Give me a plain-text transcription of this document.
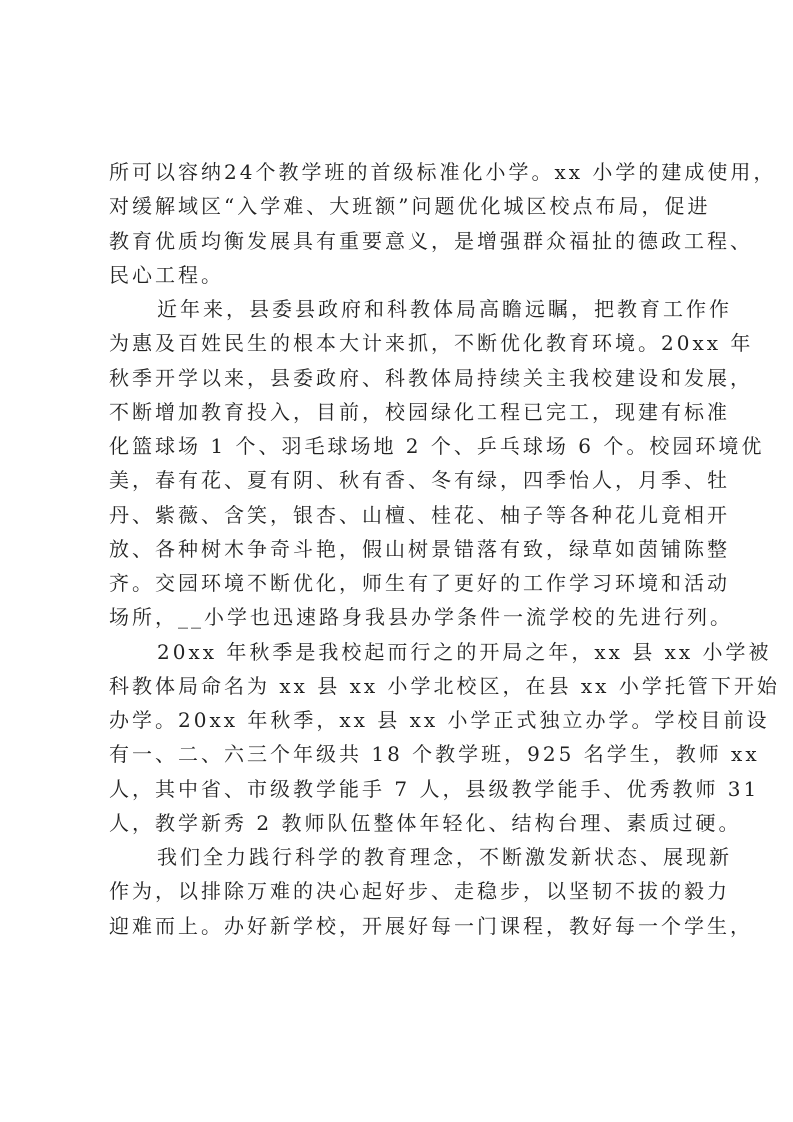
所可以容纳24个教学班的首级标准化小学。xx 小学的建成使用，
对缓解域区“入学难、大班额”问题优化城区校点布局，促进
教育优质均衡发展具有重要意义，是增强群众福扯的德政工程、
民心工程。
近年来，县委县政府和科教体局高瞻远瞩，把教育工作作
为惠及百姓民生的根本大计来抓，不断优化教育环境。20xx 年
秋季开学以来，县委政府、科教体局持续关主我校建设和发展，
不断增加教育投入，目前，校园绿化工程已完工，现建有标准
化篮球场 1 个、羽毛球场地 2 个、乒乓球场 6 个。校园环境优
美，春有花、夏有阴、秋有香、冬有绿，四季怡人，月季、牡
丹、紫薇、含笑，银杏、山檀、桂花、柚子等各种花儿竟相开
放、各种树木争奇斗艳，假山树景错落有致，绿草如茵铺陈整
齐。交园环境不断优化，师生有了更好的工作学习环境和活动
场所，__小学也迅速路身我县办学条件一流学校的先进行列。
20xx 年秋季是我校起而行之的开局之年，xx 县 xx 小学被
科教体局命名为 xx 县 xx 小学北校区，在县 xx 小学托管下开始
办学。20xx 年秋季，xx 县 xx 小学正式独立办学。学校目前设
有一、二、六三个年级共 18 个教学班，925 名学生，教师 xx
人，其中省、市级教学能手 7 人，县级教学能手、优秀教师 31
人，教学新秀 2 教师队伍整体年轻化、结构台理、素质过硬。
我们全力践行科学的教育理念，不断激发新状态、展现新
作为，以排除万难的决心起好步、走稳步，以坚韧不拔的毅力
迎难而上。办好新学校，开展好每一门课程，教好每一个学生，
